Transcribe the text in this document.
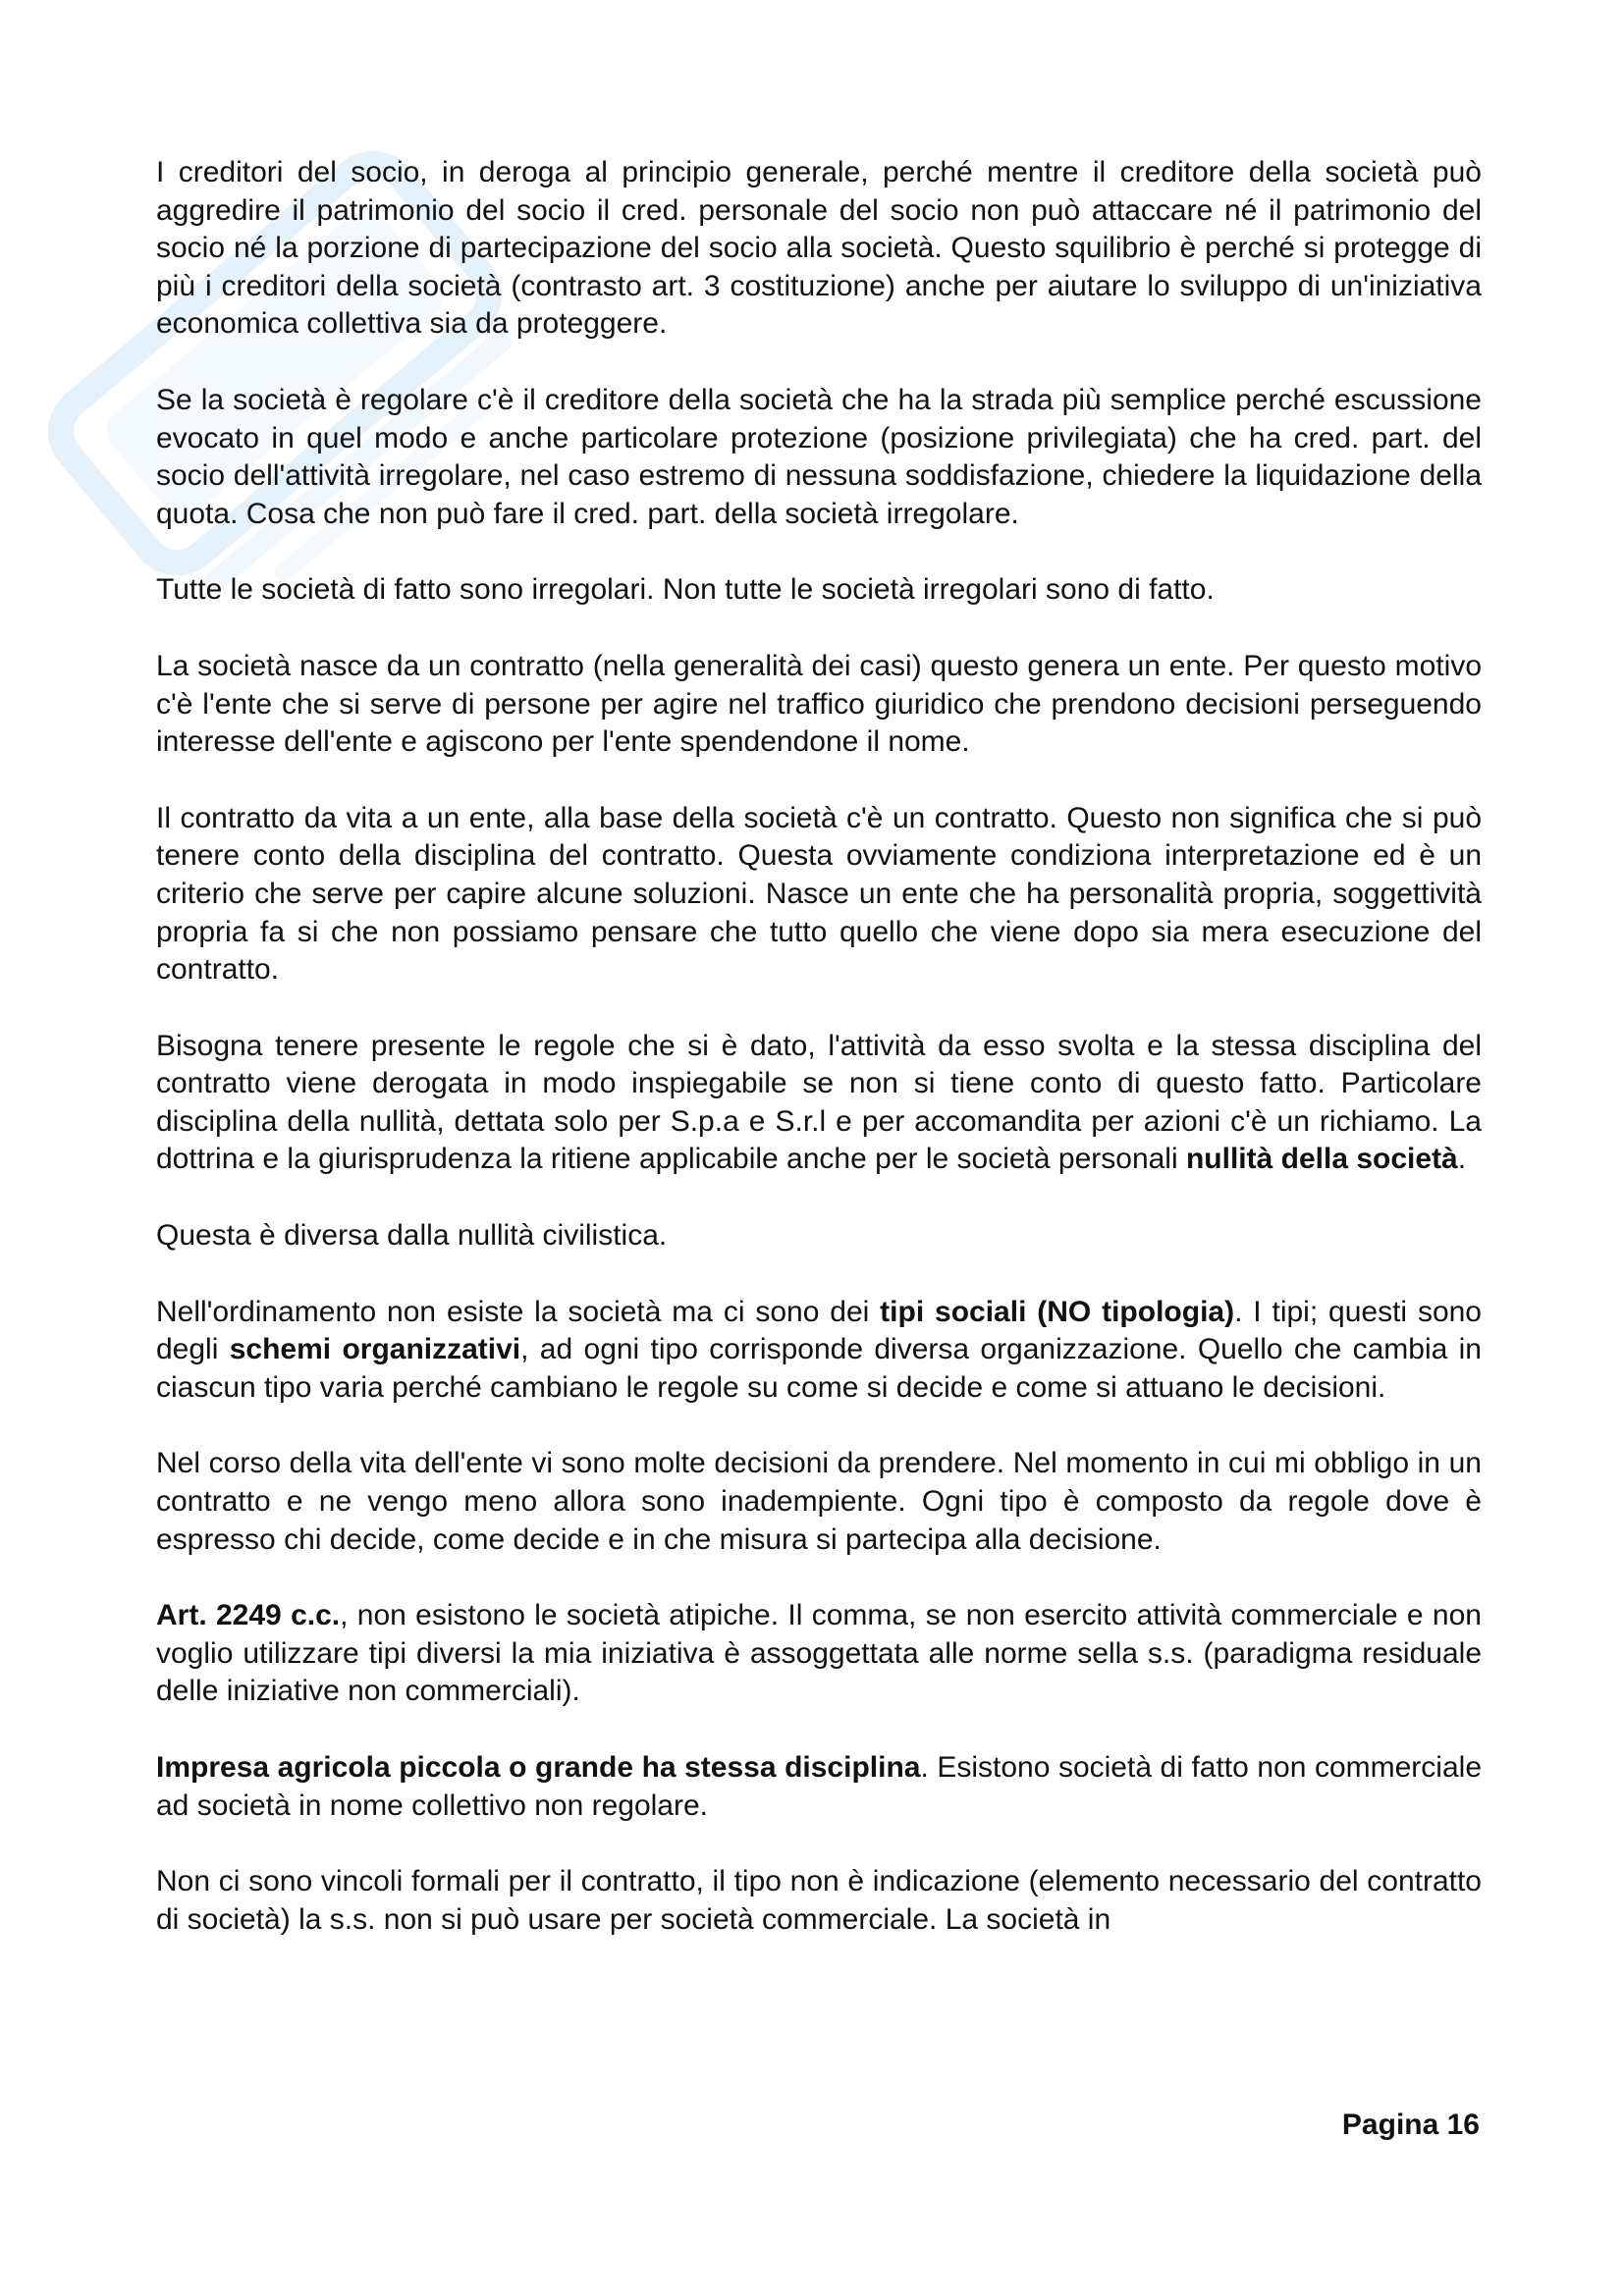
I creditori del socio, in deroga al principio generale, perché mentre il creditore della società può aggredire il patrimonio del socio il cred. personale del socio non può attaccare né il patrimonio del socio né la porzione di partecipazione del socio alla società. Questo squilibrio è perché si protegge di più i creditori della società (contrasto art. 3 costituzione) anche per aiutare lo sviluppo di un'iniziativa economica collettiva sia da proteggere.

Se la società è regolare c'è il creditore della società che ha la strada più semplice perché escussione evocato in quel modo e anche particolare protezione (posizione privilegiata) che ha cred. part. del socio dell'attività irregolare, nel caso estremo di nessuna soddisfazione, chiedere la liquidazione della quota. Cosa che non può fare il cred. part. della società irregolare.

Tutte le società di fatto sono irregolari. Non tutte le società irregolari sono di fatto.

La società nasce da un contratto (nella generalità dei casi) questo genera un ente. Per questo motivo c'è l'ente che si serve di persone per agire nel traffico giuridico che prendono decisioni perseguendo interesse dell'ente e agiscono per l'ente spendendone il nome.

Il contratto da vita a un ente, alla base della società c'è un contratto. Questo non significa che si può tenere conto della disciplina del contratto. Questa ovviamente condiziona interpretazione ed è un criterio che serve per capire alcune soluzioni. Nasce un ente che ha personalità propria, soggettività propria fa si che non possiamo pensare che tutto quello che viene dopo sia mera esecuzione del contratto.

Bisogna tenere presente le regole che si è dato, l'attività da esso svolta e la stessa disciplina del contratto viene derogata in modo inspiegabile se non si tiene conto di questo fatto. Particolare disciplina della nullità, dettata solo per S.p.a e S.r.l e per accomandita per azioni c'è un richiamo. La dottrina e la giurisprudenza la ritiene applicabile anche per le società personali nullità della società.

Questa è diversa dalla nullità civilistica.

Nell'ordinamento non esiste la società ma ci sono dei tipi sociali (NO tipologia). I tipi; questi sono degli schemi organizzativi, ad ogni tipo corrisponde diversa organizzazione. Quello che cambia in ciascun tipo varia perché cambiano le regole su come si decide e come si attuano le decisioni.

Nel corso della vita dell'ente vi sono molte decisioni da prendere. Nel momento in cui mi obbligo in un contratto e ne vengo meno allora sono inadempiente. Ogni tipo è composto da regole dove è espresso chi decide, come decide e in che misura si partecipa alla decisione.

Art. 2249 c.c., non esistono le società atipiche. Il comma, se non esercito attività commerciale e non voglio utilizzare tipi diversi la mia iniziativa è assoggettata alle norme sella s.s. (paradigma residuale delle iniziative non commerciali).

Impresa agricola piccola o grande ha stessa disciplina. Esistono società di fatto non commerciale ad società in nome collettivo non regolare.

Non ci sono vincoli formali per il contratto, il tipo non è indicazione (elemento necessario del contratto di società) la s.s. non si può usare per società commerciale. La società in

Pagina 16
